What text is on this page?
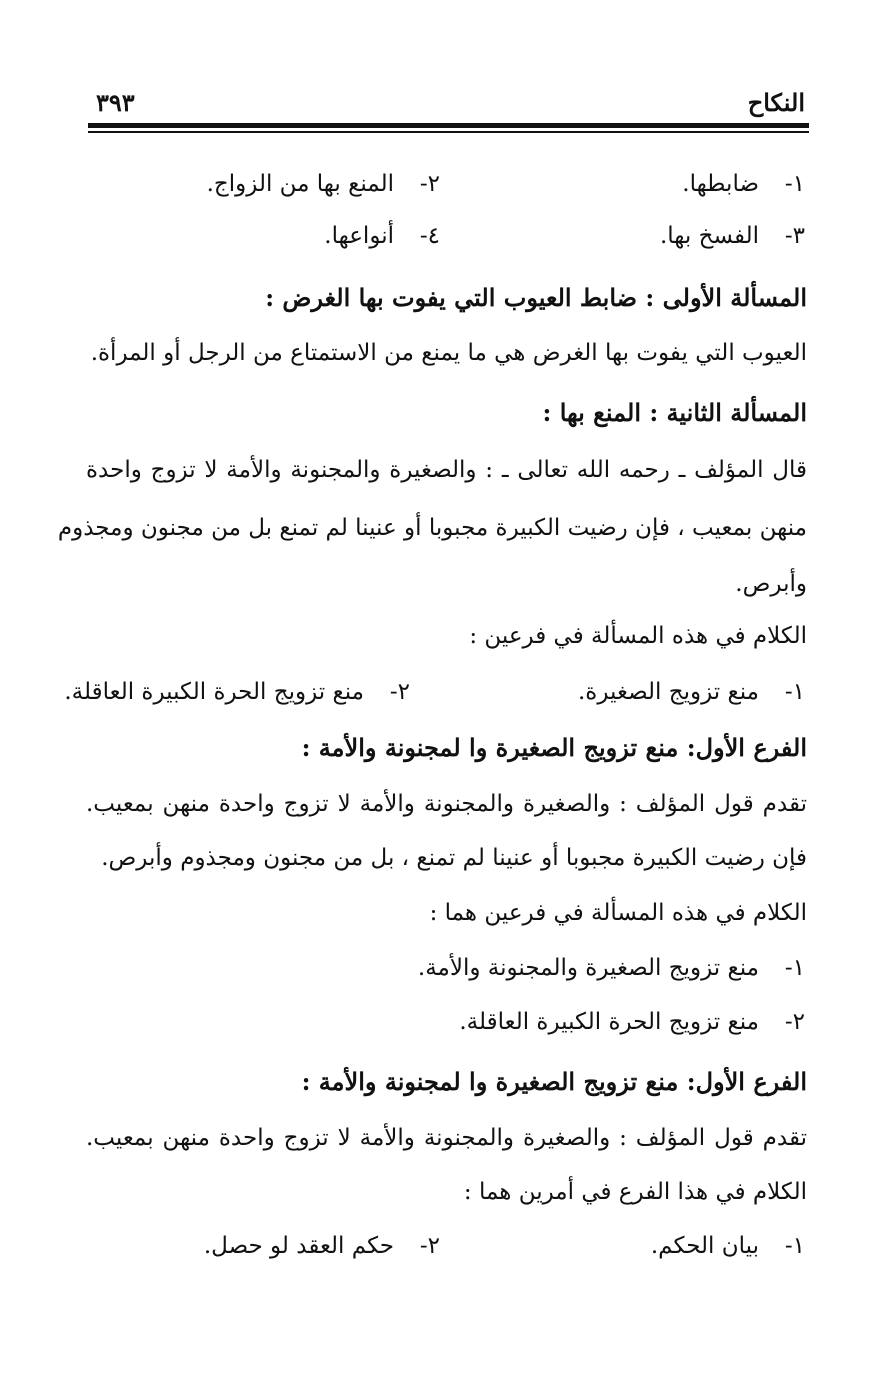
النكاح
٣٩٣
١-ضابطها.
٢-المنع بها من الزواج.
٣-الفسخ بها.
٤-أنواعها.
المسألة الأولى : ضابط العيوب التي يفوت بها الغرض :
العيوب التي يفوت بها الغرض هي ما يمنع من الاستمتاع من الرجل أو المرأة.
المسألة الثانية : المنع بها :
قال المؤلف ـ رحمه الله تعالى ـ : والصغيرة والمجنونة والأمة لا تزوج واحدة
منهن بمعيب ، فإن رضيت الكبيرة مجبوبا أو عنينا لم تمنع بل من مجنون ومجذوم
وأبرص.
الكلام في هذه المسألة في فرعين :
١-منع تزويج الصغيرة.
٢-منع تزويج الحرة الكبيرة العاقلة.
الفرع الأول: منع تزويج الصغيرة وا لمجنونة والأمة :
تقدم قول المؤلف : والصغيرة والمجنونة والأمة لا تزوج واحدة منهن بمعيب.
فإن رضيت الكبيرة مجبوبا أو عنينا لم تمنع ، بل من مجنون ومجذوم وأبرص.
الكلام في هذه المسألة في فرعين هما :
١-منع تزويج الصغيرة والمجنونة والأمة.
٢-منع تزويج الحرة الكبيرة العاقلة.
الفرع الأول: منع تزويج الصغيرة وا لمجنونة والأمة :
تقدم قول المؤلف : والصغيرة والمجنونة والأمة لا تزوج واحدة منهن بمعيب.
الكلام في هذا الفرع في أمرين هما :
١-بيان الحكم.
٢-حكم العقد لو حصل.
